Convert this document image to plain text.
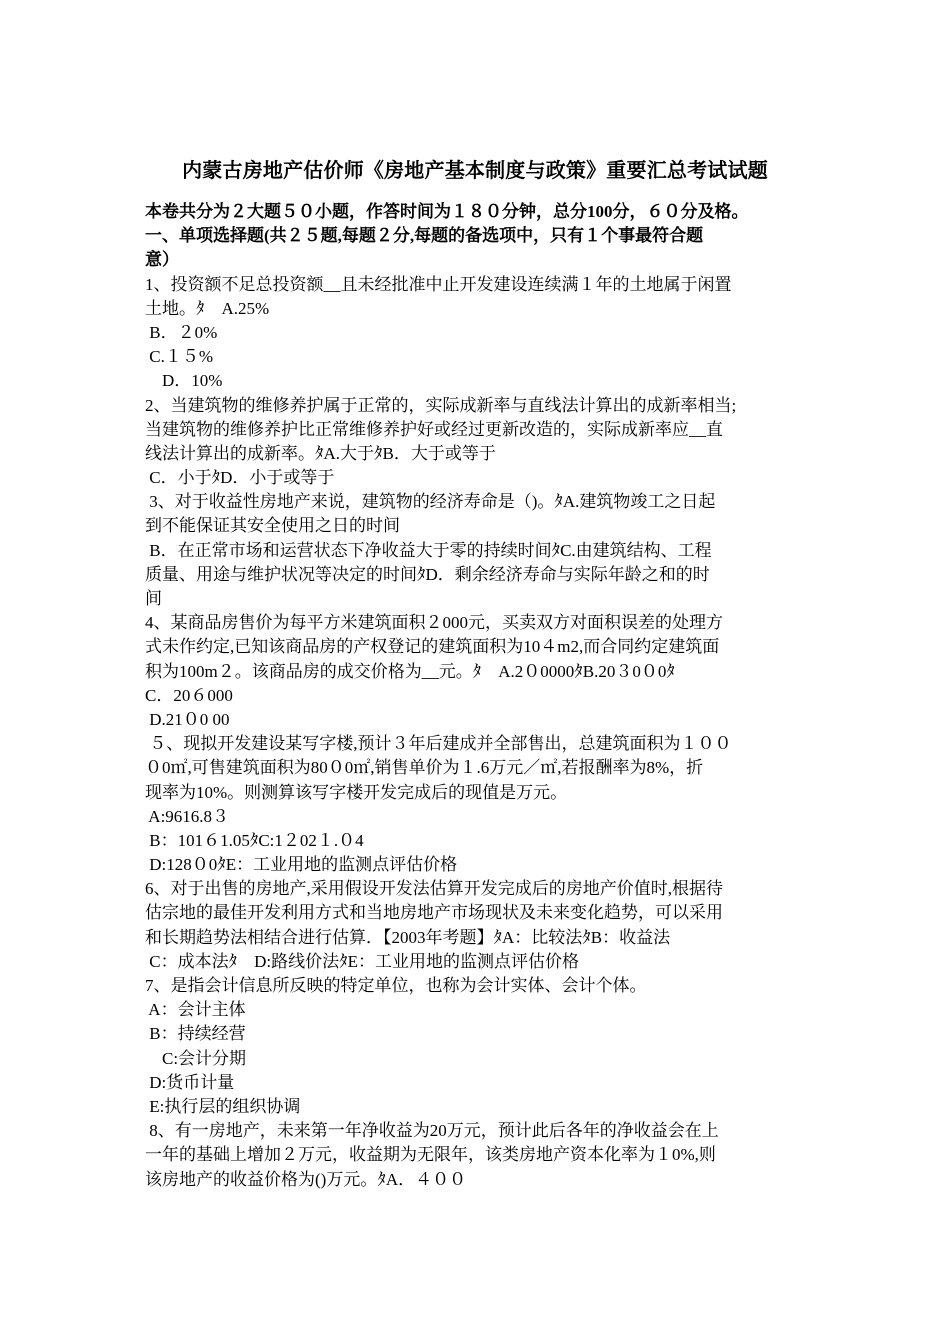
内蒙古房地产估价师《房地产基本制度与政策》重要汇总考试试题
本卷共分为２大题５０小题，作答时间为１８０分钟，总分100分，６０分及格。
一、单项选择题(共２５题,每题２分,每题的备选项中，只有１个事最符合题
意）
1、投资额不足总投资额__且未经批准中止开发建设连续满１年的土地属于闲置
土地。ﾀ　A.25%
B．２0%
C.１５%
　D．10%
2、当建筑物的维修养护属于正常的，实际成新率与直线法计算出的成新率相当;
当建筑物的维修养护比正常维修养护好或经过更新改造的，实际成新率应__直
线法计算出的成新率。ﾀA.大于ﾀB．大于或等于
C．小于ﾀD．小于或等于
3、对于收益性房地产来说，建筑物的经济寿命是（)。ﾀA.建筑物竣工之日起
到不能保证其安全使用之日的时间
B．在正常市场和运营状态下净收益大于零的持续时间ﾀC.由建筑结构、工程
质量、用途与维护状况等决定的时间ﾀD．剩余经济寿命与实际年龄之和的时
间
4、某商品房售价为每平方米建筑面积２000元，买卖双方对面积误差的处理方
式未作约定,已知该商品房的产权登记的建筑面积为10４m2,而合同约定建筑面
积为100m２。该商品房的成交价格为__元。ﾀ　A.2０0000ﾀB.20３0０0ﾀ
C．20６000
D.21０0 00
５、现拟开发建设某写字楼,预计３年后建成并全部售出，总建筑面积为１００
０0㎡,可售建筑面积为80０0㎡,销售单价为１.6万元／㎡,若报酬率为8%，折
现率为10%。则测算该写字楼开发完成后的现值是万元。
A:9616.8３
B：101６1.05ﾀC:1２02１.０4
D:128０0ﾀE：工业用地的监测点评估价格
6、对于出售的房地产,采用假设开发法估算开发完成后的房地产价值时,根据待
估宗地的最佳开发利用方式和当地房地产市场现状及未来变化趋势，可以采用
和长期趋势法相结合进行估算．【2003年考题】ﾀA：比较法ﾀB：收益法
C：成本法ﾀ　D:路线价法ﾀE：工业用地的监测点评估价格
7、是指会计信息所反映的特定单位，也称为会计实体、会计个体。
A：会计主体
B：持续经营
　C:会计分期
D:货币计量
E:执行层的组织协调
8、有一房地产，未来第一年净收益为20万元，预计此后各年的净收益会在上
一年的基础上增加２万元，收益期为无限年，该类房地产资本化率为１0%,则
该房地产的收益价格为()万元。ﾀA．４００
